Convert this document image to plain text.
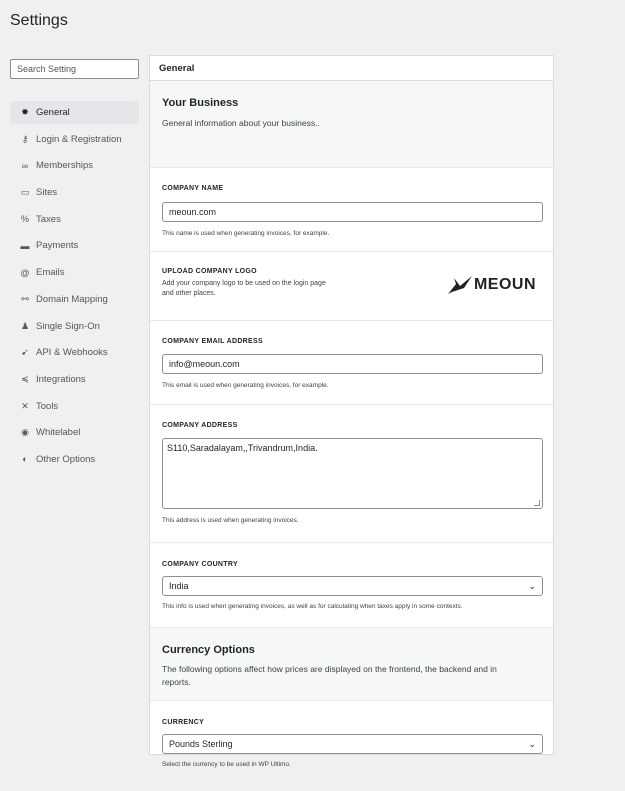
Settings
Search Setting
✹ General
⚷ Login & Registration
∞ Memberships
▭ Sites
% Taxes
▬ Payments
@ Emails
⚯ Domain Mapping
♟ Single Sign-On
➹ API & Webhooks
≼ Integrations
✕ Tools
◉ Whitelabel
◐ Other Options
General
Your Business

General information about your business..

COMPANY NAME
meoun.com
This name is used when generating invoices, for example.
UPLOAD COMPANY LOGO
Add your company logo to be used on the login page
and other places.
MEOUN
COMPANY EMAIL ADDRESS
info@meoun.com
This email is used when generating invoices, for example.
COMPANY ADDRESS
S110,Saradalayam,,Trivandrum,India.
This address is used when generating invoices.
COMPANY COUNTRY
India	⌄
This info is used when generating invoices, as well as for calculating when taxes apply in some contexts.
Currency Options

The following options affect how prices are displayed on the frontend, the backend and in
reports.

CURRENCY
Pounds Sterling	⌄
Select the currency to be used in WP Ultimo.
